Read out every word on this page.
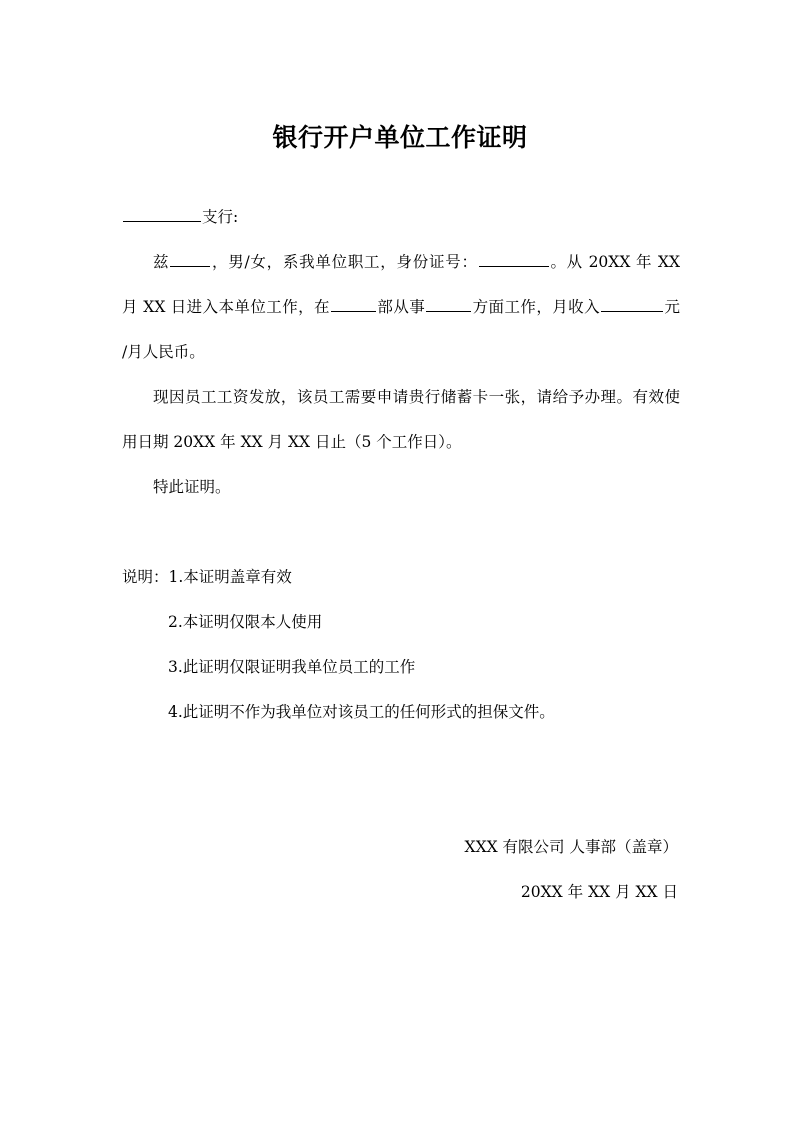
银行开户单位工作证明
支行:
兹	，男/女，系我单位职工，身份证号：	。从 20XX 年 XX
月 XX 日进入本单位工作，在	部从事	方面工作，月收入	元
/月人民币。
现因员工工资发放，该员工需要申请贵行储蓄卡一张，请给予办理。有效使
用日期 20XX 年 XX 月 XX 日止（5 个工作日）。
特此证明。
说明：1.本证明盖章有效
2.本证明仅限本人使用
3.此证明仅限证明我单位员工的工作
4.此证明不作为我单位对该员工的任何形式的担保文件。
XXX 有限公司 人事部（盖章）
20XX 年 XX 月 XX 日
